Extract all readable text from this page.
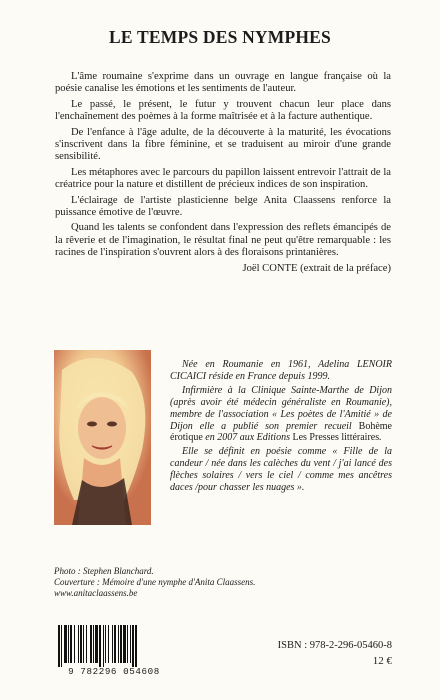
LE TEMPS DES NYMPHES

L'âme roumaine s'exprime dans un ouvrage en langue française où la poésie canalise les émotions et les sentiments de l'auteur.

Le passé, le présent, le futur y trouvent chacun leur place dans l'enchaînement des poèmes à la forme maîtrisée et à la facture authentique.

De l'enfance à l'âge adulte, de la découverte à la maturité, les évocations s'inscrivent dans la fibre féminine, et se traduisent au miroir d'une grande sensibilité.

Les métaphores avec le parcours du papillon laissent entrevoir l'attrait de la créatrice pour la nature et distillent de précieux indices de son inspiration.

L'éclairage de l'artiste plasticienne belge Anita Claassens renforce la puissance émotive de l'œuvre.

Quand les talents se confondent dans l'expression des reflets émancipés de la rêverie et de l'imagination, le résultat final ne peut qu'être remarquable : les racines de l'inspiration s'ouvrent alors à des floraisons printanières.

Joël CONTE (extrait de la préface)

Née en Roumanie en 1961, Adelina LENOIR CICAICI réside en France depuis 1999.

Infirmière à la Clinique Sainte-Marthe de Dijon (après avoir été médecin généraliste en Roumanie), membre de l'association « Les poètes de l'Amitié » de Dijon elle a publié son premier recueil Bohème érotique en 2007 aux Editions Les Presses littéraires.

Elle se définit en poésie comme « Fille de la candeur / née dans les calèches du vent / j'ai lancé des flèches solaires / vers le ciel / comme mes ancêtres daces /pour chasser les nuages ».

Photo : Stephen Blanchard.
Couverture : Mémoire d'une nymphe d'Anita Claassens.
www.anitaclaassens.be
9 782296 054608
ISBN : 978-2-296-05460-8
12 €
